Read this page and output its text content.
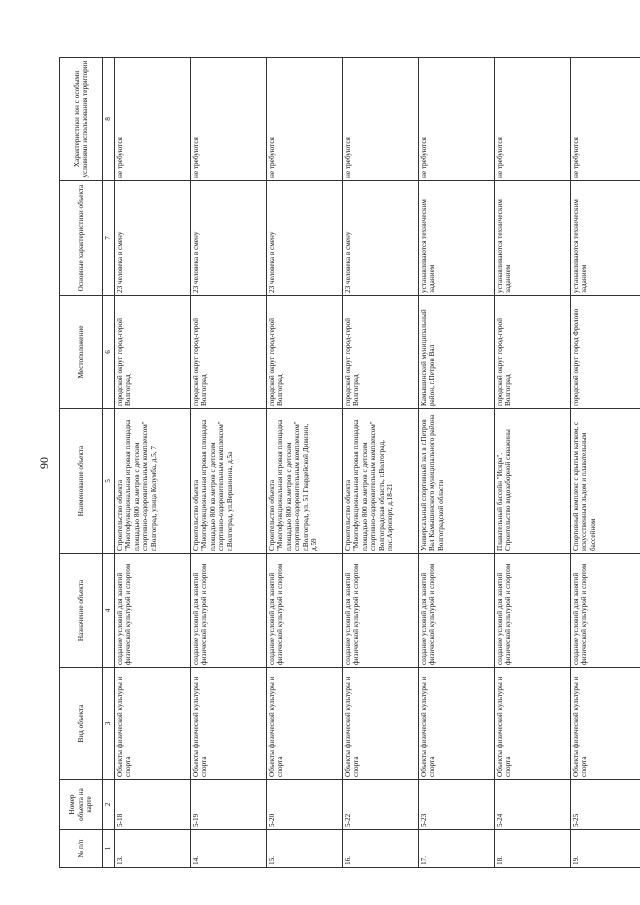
90
№ п/п	Номер объекта на карте	Вид объекта	Назначение объекта	Наименование объекта	Местоположение	Основные характеристики объекта	Характеристики зон с особыми условиями использования территории
1	2	3	4	5	6	7	8
13.	5-18	Объекты физической культуры и спорта	создание условий для занятий физической культурой и спортом	Строительство объекта "Многофункциональная игровая площадка площадью 800 кв.метров с детским спортивно-оздоровительным комплексом" г.Волгоград, улица Колумба, д.5, 7	городской округ город-герой Волгоград	23 человека в смену	не требуются
14.	5-19	Объекты физической культуры и спорта	создание условий для занятий физической культурой и спортом	Строительство объекта "Многофункциональная игровая площадка площадью 800 кв.метров с детским спортивно-оздоровительным комплексом" г.Волгоград, ул.Вершинина, д.5а	городской округ город-герой Волгоград	23 человека в смену	не требуются
15.	5-20	Объекты физической культуры и спорта	создание условий для занятий физической культурой и спортом	Строительство объекта "Многофункциональная игровая площадка площадью 800 кв.метров с детским спортивно-оздоровительным комплексом" г.Волгоград, ул. 51 Гвардейской Дивизии, д.59	городской округ город-герой Волгоград	23 человека в смену	не требуются
16.	5-22	Объекты физической культуры и спорта	создание условий для занятий физической культурой и спортом	Строительство объекта "Многофункциональная игровая площадка площадью 800 кв.метров с детским спортивно-оздоровительным комплексом" Волгоградская область, г.Волгоград, пос.Аэропорт, д.18-21	городской округ город-герой Волгоград	23 человека в смену	не требуются
17.	5-23	Объекты физической культуры и спорта	создание условий для занятий физической культурой и спортом	Универсальный спортивный зал в г.Петров Вал Камышинского муниципального района Волгоградской области	Камышинский муниципальный район, г.Петров Вал	устанавливаются техническим заданием	не требуются
18.	5-24	Объекты физической культуры и спорта	создание условий для занятий физической культурой и спортом	Плавательный бассейн "Искра". Строительство водозаборной скважины	городской округ город-герой Волгоград	устанавливаются техническим заданием	не требуются
19.	5-25	Объекты физической культуры и спорта	создание условий для занятий физической культурой и спортом	Спортивный комплекс с крытым катком, с искусственным льдом и плавательным бассейном	городской округ город Фролово	устанавливаются техническим заданием	не требуются
